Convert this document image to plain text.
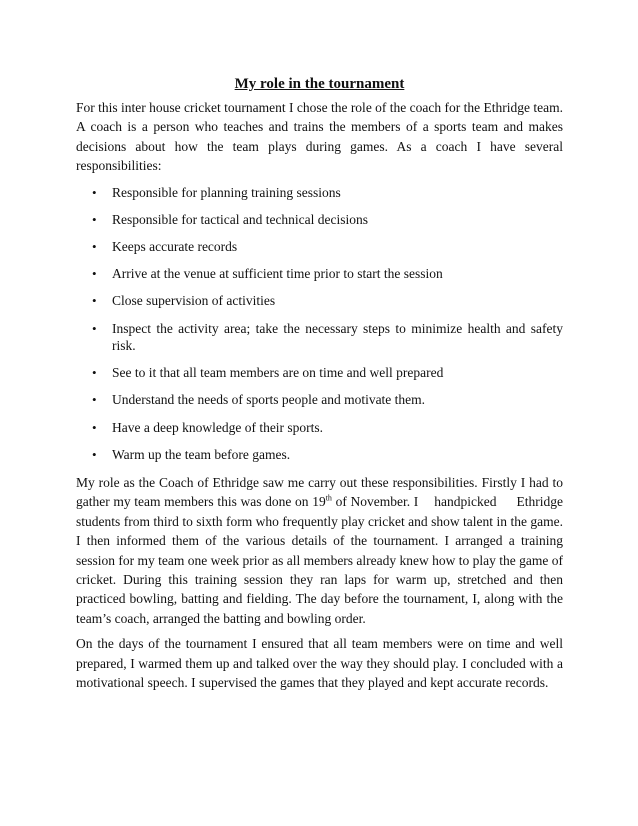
My role in the tournament

For this inter house cricket tournament I chose the role of the coach for the Ethridge team. A coach is a person who teaches and trains the members of a sports team and makes decisions about how the team plays during games. As a coach I have several responsibilities:

• Responsible for planning training sessions
• Responsible for tactical and technical decisions
• Keeps accurate records
• Arrive at the venue at sufficient time prior to start the session
• Close supervision of activities
• Inspect the activity area; take the necessary steps to minimize health and safety risk.
• See to it that all team members are on time and well prepared
• Understand the needs of sports people and motivate them.
• Have a deep knowledge of their sports.
• Warm up the team before games.

My role as the Coach of Ethridge saw me carry out these responsibilities. Firstly I had to gather my team members this was done on 19th of November. I handpicked Ethridge students from third to sixth form who frequently play cricket and show talent in the game. I then informed them of the various details of the tournament. I arranged a training session for my team one week prior as all members already knew how to play the game of cricket. During this training session they ran laps for warm up, stretched and then practiced bowling, batting and fielding. The day before the tournament, I, along with the team’s coach, arranged the batting and bowling order.

On the days of the tournament I ensured that all team members were on time and well prepared, I warmed them up and talked over the way they should play. I concluded with a motivational speech. I supervised the games that they played and kept accurate records.
